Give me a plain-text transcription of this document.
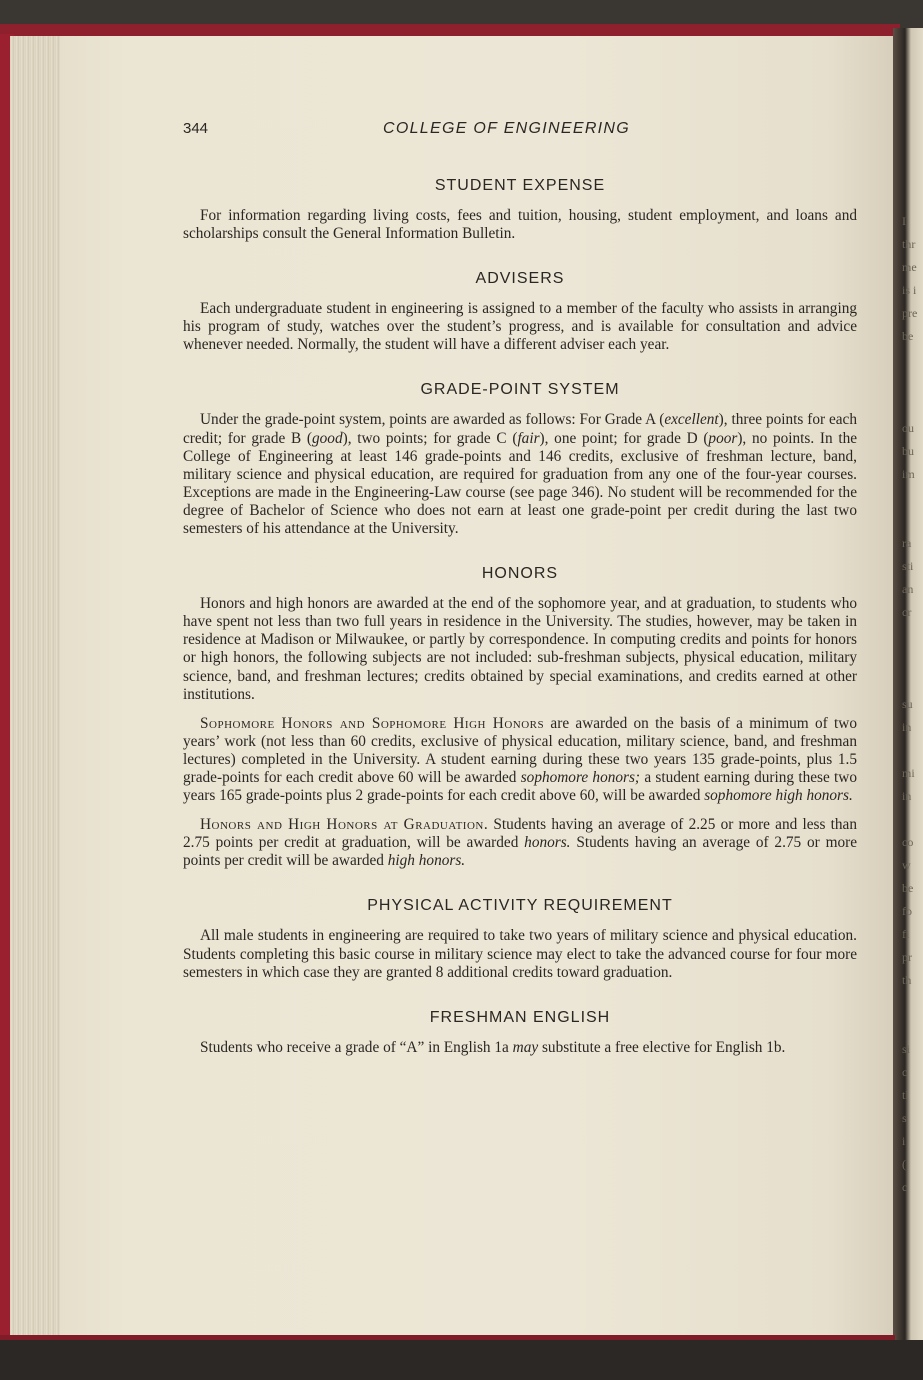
I
thr
me
is i
pre
be

ou
bu
im

ra
sti
an
cr

su
in

mi
in

co
w
be
fo
fi
pr
th

si
c
tl
s
i
(
c

344	COLLEGE OF ENGINEERING
STUDENT EXPENSE

For information regarding living costs, fees and tuition, housing, student employment, and loans and scholarships consult the General Information Bulletin.

ADVISERS

Each undergraduate student in engineering is assigned to a member of the faculty who assists in arranging his program of study, watches over the student’s progress, and is available for consultation and advice whenever needed. Normally, the student will have a different adviser each year.

GRADE-POINT SYSTEM

Under the grade-point system, points are awarded as follows: For Grade A (excellent), three points for each credit; for grade B (good), two points; for grade C (fair), one point; for grade D (poor), no points. In the College of Engineering at least 146 grade-points and 146 credits, exclusive of freshman lecture, band, military science and physical education, are required for graduation from any one of the four-year courses. Exceptions are made in the Engineering-Law course (see page 346). No student will be recommended for the degree of Bachelor of Science who does not earn at least one grade-point per credit during the last two semesters of his attendance at the University.

HONORS

Honors and high honors are awarded at the end of the sophomore year, and at graduation, to students who have spent not less than two full years in residence in the University. The studies, however, may be taken in residence at Madison or Milwaukee, or partly by correspondence. In computing credits and points for honors or high honors, the following subjects are not included: sub-freshman subjects, physical education, military science, band, and freshman lectures; credits obtained by special examinations, and credits earned at other institutions.

Sophomore Honors and Sophomore High Honors are awarded on the basis of a minimum of two years’ work (not less than 60 credits, exclusive of physical education, military science, band, and freshman lectures) completed in the University. A student earning during these two years 135 grade-points, plus 1.5 grade-points for each credit above 60 will be awarded sophomore honors; a student earning during these two years 165 grade-points plus 2 grade-points for each credit above 60, will be awarded sophomore high honors.

Honors and High Honors at Graduation. Students having an average of 2.25 or more and less than 2.75 points per credit at graduation, will be awarded honors. Students having an average of 2.75 or more points per credit will be awarded high honors.

PHYSICAL ACTIVITY REQUIREMENT

All male students in engineering are required to take two years of military science and physical education. Students completing this basic course in military science may elect to take the advanced course for four more semesters in which case they are granted 8 additional credits toward graduation.

FRESHMAN ENGLISH

Students who receive a grade of “A” in English 1a may substitute a free elective for English 1b.
